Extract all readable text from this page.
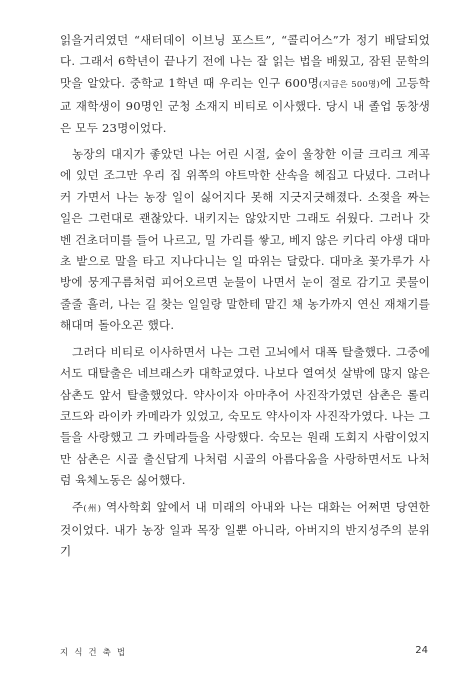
읽을거리였던 “새터데이 이브닝 포스트”, “콜리어스”가 정기 배달되었다. 그래서 6학년이 끝나기 전에 나는 잘 읽는 법을 배웠고, 잠된 문학의 맛을 알았다. 중학교 1학년 때 우리는 인구 600명(지금은 500명)에 고등학교 재학생이 90명인 군청 소재지 비티로 이사했다. 당시 내 졸업 동창생은 모두 23명이었다.

농장의 대지가 좋았던 나는 어린 시절, 숲이 울창한 이글 크리크 계곡에 있던 조그만 우리 집 위쪽의 야트막한 산속을 헤집고 다녔다. 그러나 커 가면서 나는 농장 일이 싫어지다 못해 지긋지긋해졌다. 소젖을 짜는 일은 그런대로 괜찮았다. 내키지는 않았지만 그래도 쉬웠다. 그러나 갓 벤 건초더미를 들어 나르고, 밀 가리를 쌓고, 베지 않은 키다리 야생 대마초 밭으로 말을 타고 지나다니는 일 따위는 달랐다. 대마초 꽃가루가 사방에 뭉게구름처럼 피어오르면 눈물이 나면서 눈이 절로 감기고 콧물이 줄줄 흘러, 나는 길 찾는 일일랑 말한테 맡긴 채 농가까지 연신 재채기를 해대며 돌아오곤 했다.

그러다 비티로 이사하면서 나는 그런 고뇌에서 대폭 탈출했다. 그중에서도 대탈출은 네브래스카 대학교였다. 나보다 열여섯 살밖에 많지 않은 삼촌도 앞서 탈출했었다. 약사이자 아마추어 사진작가였던 삼촌은 롤리코드와 라이카 카메라가 있었고, 숙모도 약사이자 사진작가였다. 나는 그들을 사랑했고 그 카메라들을 사랑했다. 숙모는 원래 도회지 사람이었지만 삼촌은 시골 출신답게 나처럼 시골의 아름다움을 사랑하면서도 나처럼 육체노동은 싫어했다.

주(州) 역사학회 앞에서 내 미래의 아내와 나는 대화는 어쩌면 당연한 것이었다. 내가 농장 일과 목장 일뿐 아니라, 아버지의 반지성주의 분위기

지식건축법	24
